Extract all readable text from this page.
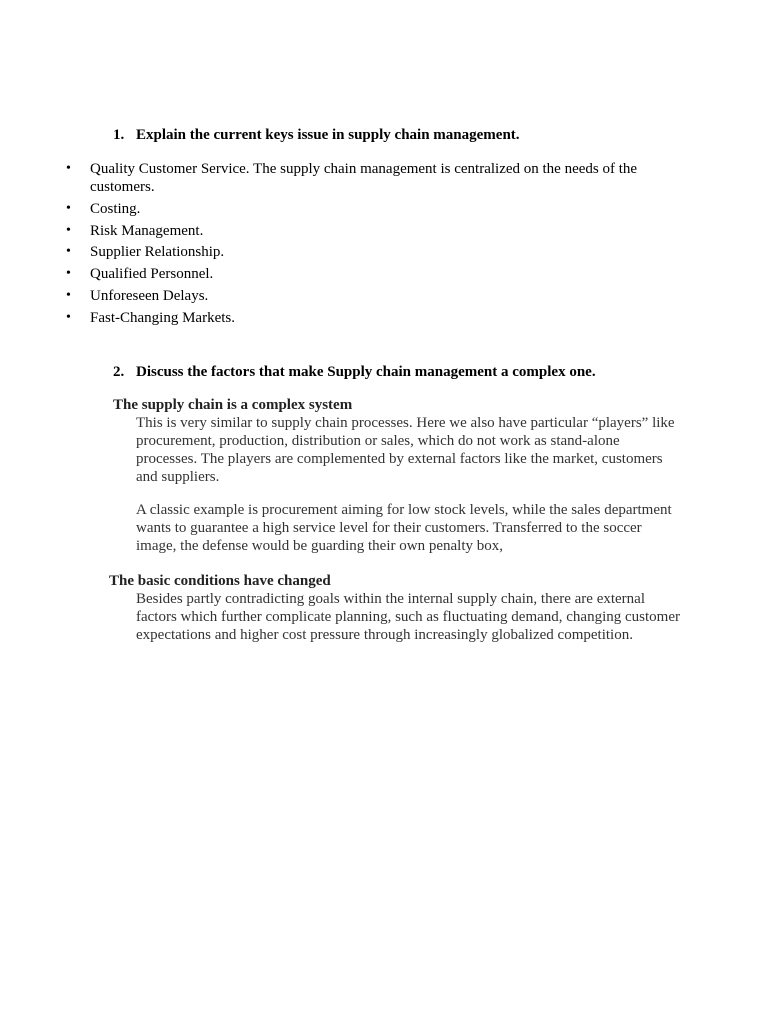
1. Explain the current keys issue in supply chain management.
• Quality Customer Service. The supply chain management is centralized on the needs of the customers.
• Costing.
• Risk Management.
• Supplier Relationship.
• Qualified Personnel.
• Unforeseen Delays.
• Fast-Changing Markets.
2. Discuss the factors that make Supply chain management a complex one.
The supply chain is a complex system

This is very similar to supply chain processes. Here we also have particular “players” like procurement, production, distribution or sales, which do not work as stand-alone processes. The players are complemented by external factors like the market, customers and suppliers.

A classic example is procurement aiming for low stock levels, while the sales department wants to guarantee a high service level for their customers. Transferred to the soccer image, the defense would be guarding their own penalty box,

The basic conditions have changed

Besides partly contradicting goals within the internal supply chain, there are external factors which further complicate planning, such as fluctuating demand, changing customer expectations and higher cost pressure through increasingly globalized competition.
